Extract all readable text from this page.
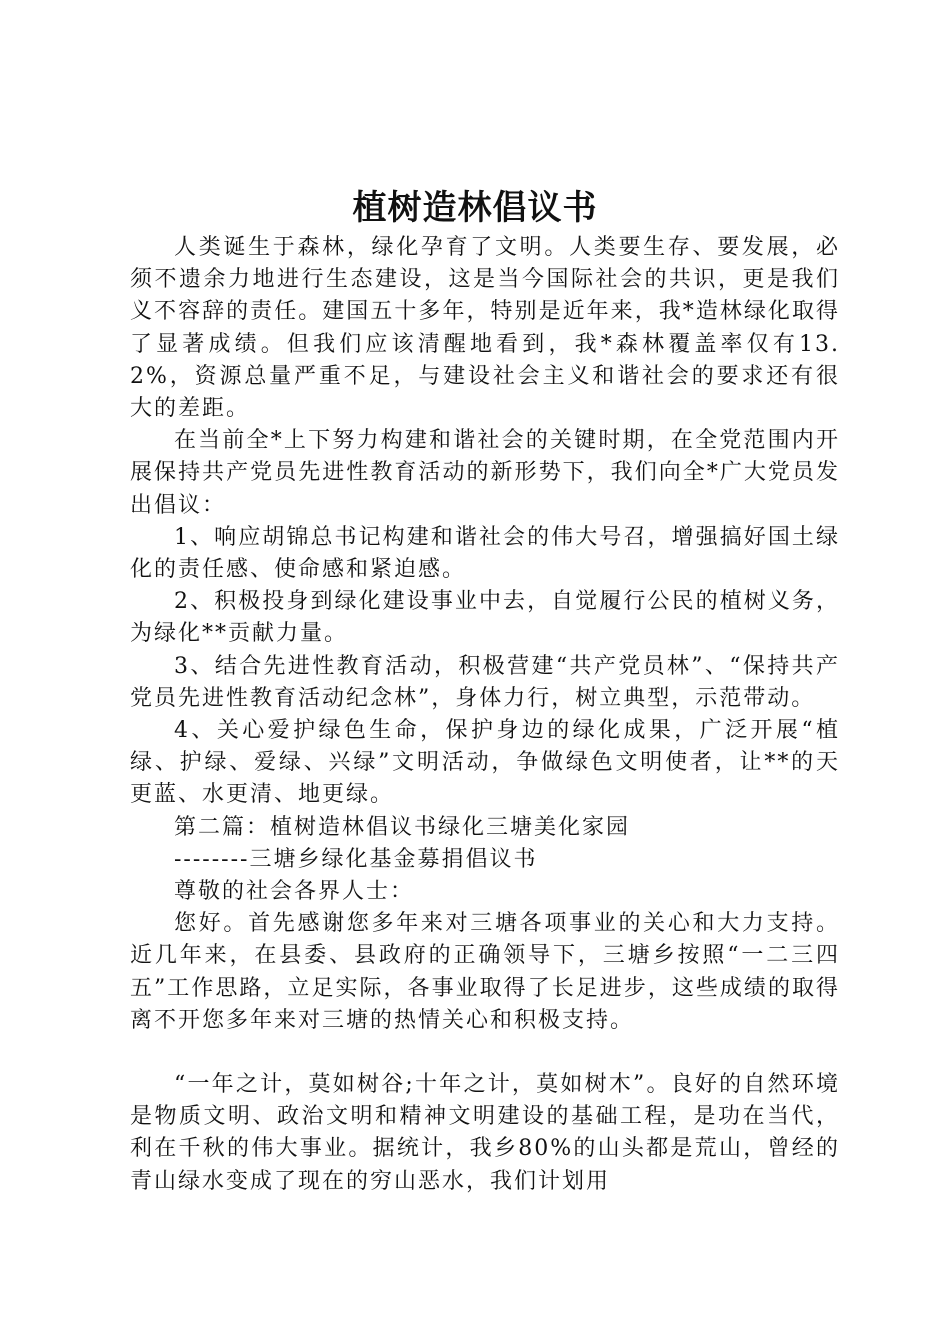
植树造林倡议书

人类诞生于森林，绿化孕育了文明。人类要生存、要发展，必须不遗余力地进行生态建设，这是当今国际社会的共识，更是我们义不容辞的责任。建国五十多年，特别是近年来，我*造林绿化取得了显著成绩。但我们应该清醒地看到，我*森林覆盖率仅有13.2%，资源总量严重不足，与建设社会主义和谐社会的要求还有很大的差距。

在当前全*上下努力构建和谐社会的关键时期，在全党范围内开展保持共产党员先进性教育活动的新形势下，我们向全*广大党员发出倡议：

1、响应胡锦总书记构建和谐社会的伟大号召，增强搞好国土绿化的责任感、使命感和紧迫感。

2、积极投身到绿化建设事业中去，自觉履行公民的植树义务，为绿化**贡献力量。

3、结合先进性教育活动，积极营建“共产党员林”、“保持共产党员先进性教育活动纪念林”，身体力行，树立典型，示范带动。

4、关心爱护绿色生命，保护身边的绿化成果，广泛开展“植绿、护绿、爱绿、兴绿”文明活动，争做绿色文明使者，让**的天更蓝、水更清、地更绿。

第二篇：植树造林倡议书绿化三塘美化家园

--------三塘乡绿化基金募捐倡议书

尊敬的社会各界人士：

您好。首先感谢您多年来对三塘各项事业的关心和大力支持。近几年来，在县委、县政府的正确领导下，三塘乡按照“一二三四五”工作思路，立足实际，各事业取得了长足进步，这些成绩的取得离不开您多年来对三塘的热情关心和积极支持。

“一年之计，莫如树谷;十年之计，莫如树木”。良好的自然环境是物质文明、政治文明和精神文明建设的基础工程，是功在当代，利在千秋的伟大事业。据统计，我乡80%的山头都是荒山，曾经的青山绿水变成了现在的穷山恶水，我们计划用
